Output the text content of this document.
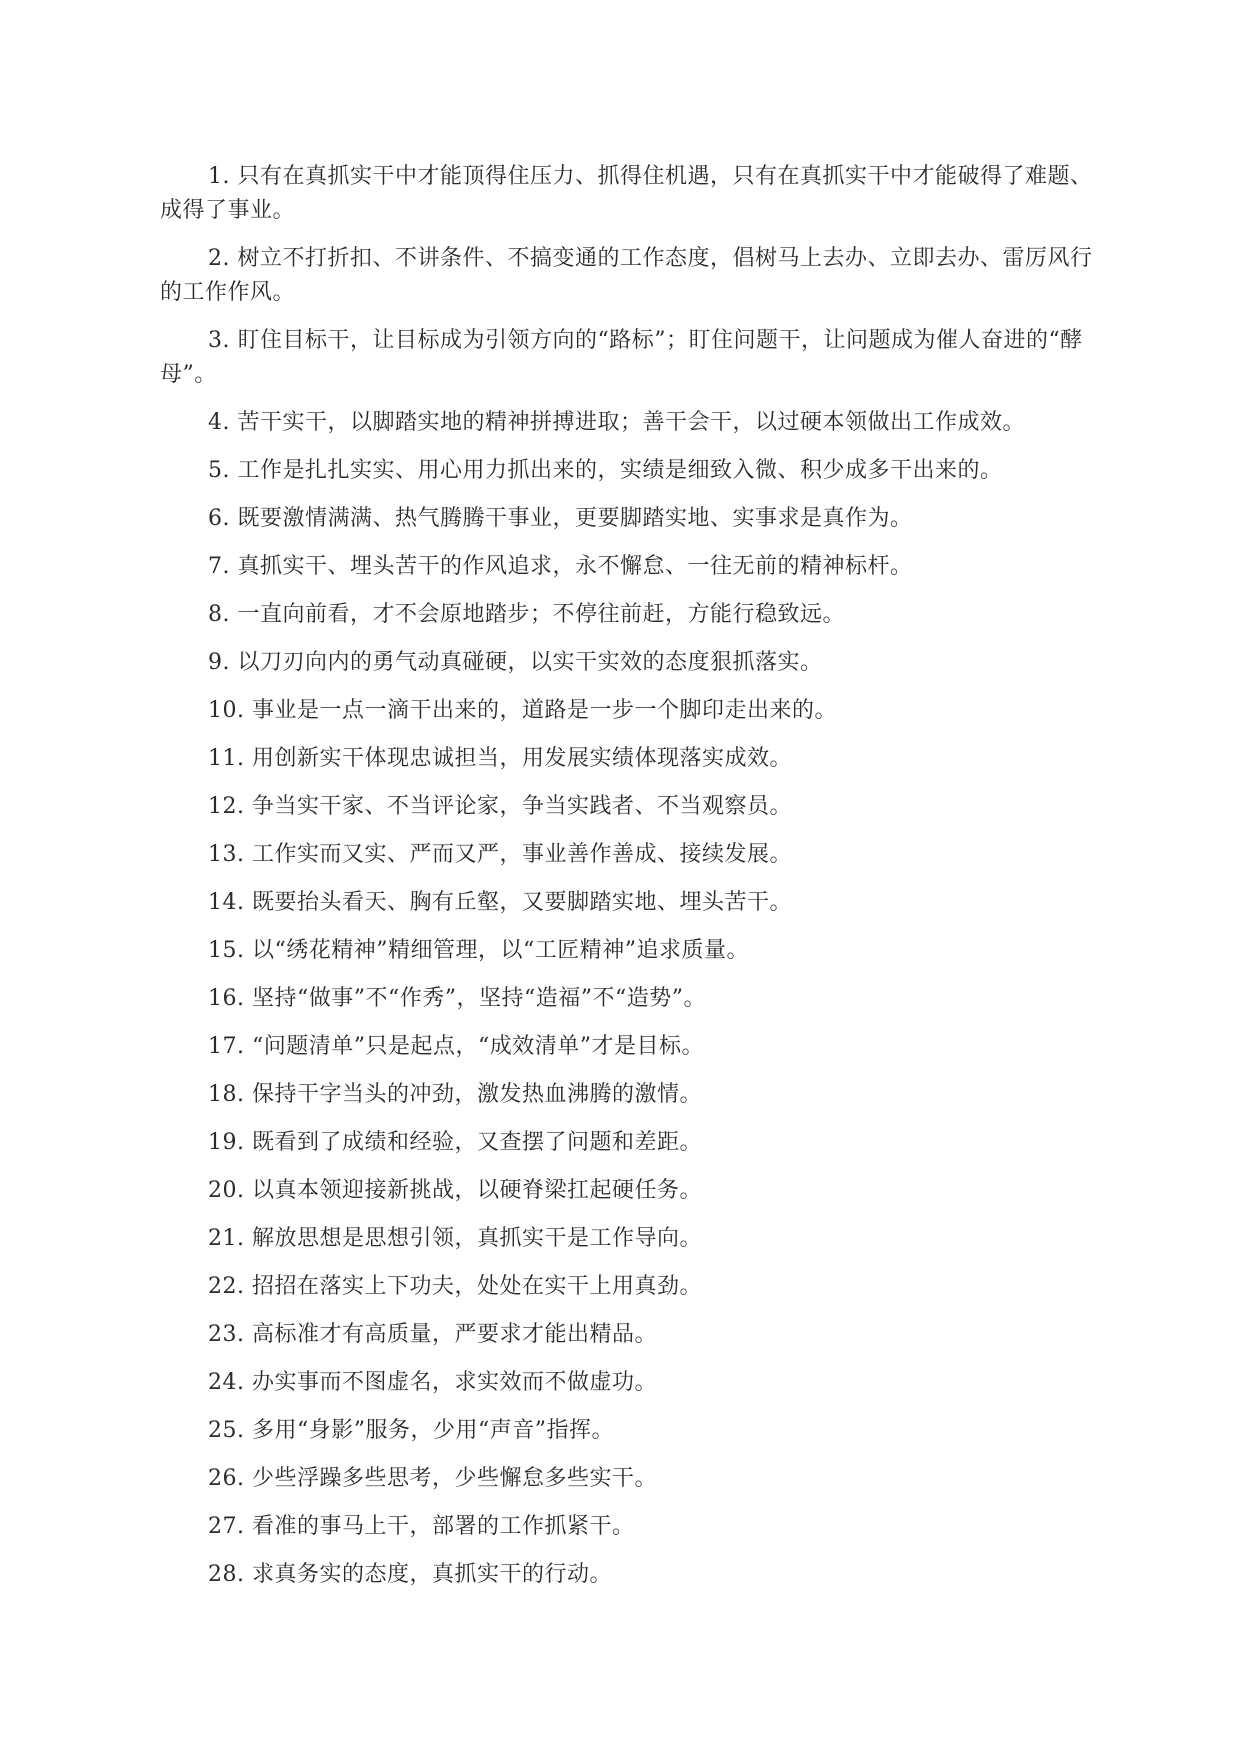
1. 只有在真抓实干中才能顶得住压力、抓得住机遇，只有在真抓实干中才能破得了难题、成得了事业。

2. 树立不打折扣、不讲条件、不搞变通的工作态度，倡树马上去办、立即去办、雷厉风行的工作作风。

3. 盯住目标干，让目标成为引领方向的“路标”；盯住问题干，让问题成为催人奋进的“酵母”。

4. 苦干实干，以脚踏实地的精神拼搏进取；善干会干，以过硬本领做出工作成效。

5. 工作是扎扎实实、用心用力抓出来的，实绩是细致入微、积少成多干出来的。

6. 既要激情满满、热气腾腾干事业，更要脚踏实地、实事求是真作为。

7. 真抓实干、埋头苦干的作风追求，永不懈怠、一往无前的精神标杆。

8. 一直向前看，才不会原地踏步；不停往前赶，方能行稳致远。

9. 以刀刃向内的勇气动真碰硬，以实干实效的态度狠抓落实。

10. 事业是一点一滴干出来的，道路是一步一个脚印走出来的。

11. 用创新实干体现忠诚担当，用发展实绩体现落实成效。

12. 争当实干家、不当评论家，争当实践者、不当观察员。

13. 工作实而又实、严而又严，事业善作善成、接续发展。

14. 既要抬头看天、胸有丘壑，又要脚踏实地、埋头苦干。

15. 以“绣花精神”精细管理，以“工匠精神”追求质量。

16. 坚持“做事”不“作秀”，坚持“造福”不“造势”。

17. “问题清单”只是起点，“成效清单”才是目标。

18. 保持干字当头的冲劲，激发热血沸腾的激情。

19. 既看到了成绩和经验，又查摆了问题和差距。

20. 以真本领迎接新挑战，以硬脊梁扛起硬任务。

21. 解放思想是思想引领，真抓实干是工作导向。

22. 招招在落实上下功夫，处处在实干上用真劲。

23. 高标准才有高质量，严要求才能出精品。

24. 办实事而不图虚名，求实效而不做虚功。

25. 多用“身影”服务，少用“声音”指挥。

26. 少些浮躁多些思考，少些懈怠多些实干。

27. 看准的事马上干，部署的工作抓紧干。

28. 求真务实的态度，真抓实干的行动。
